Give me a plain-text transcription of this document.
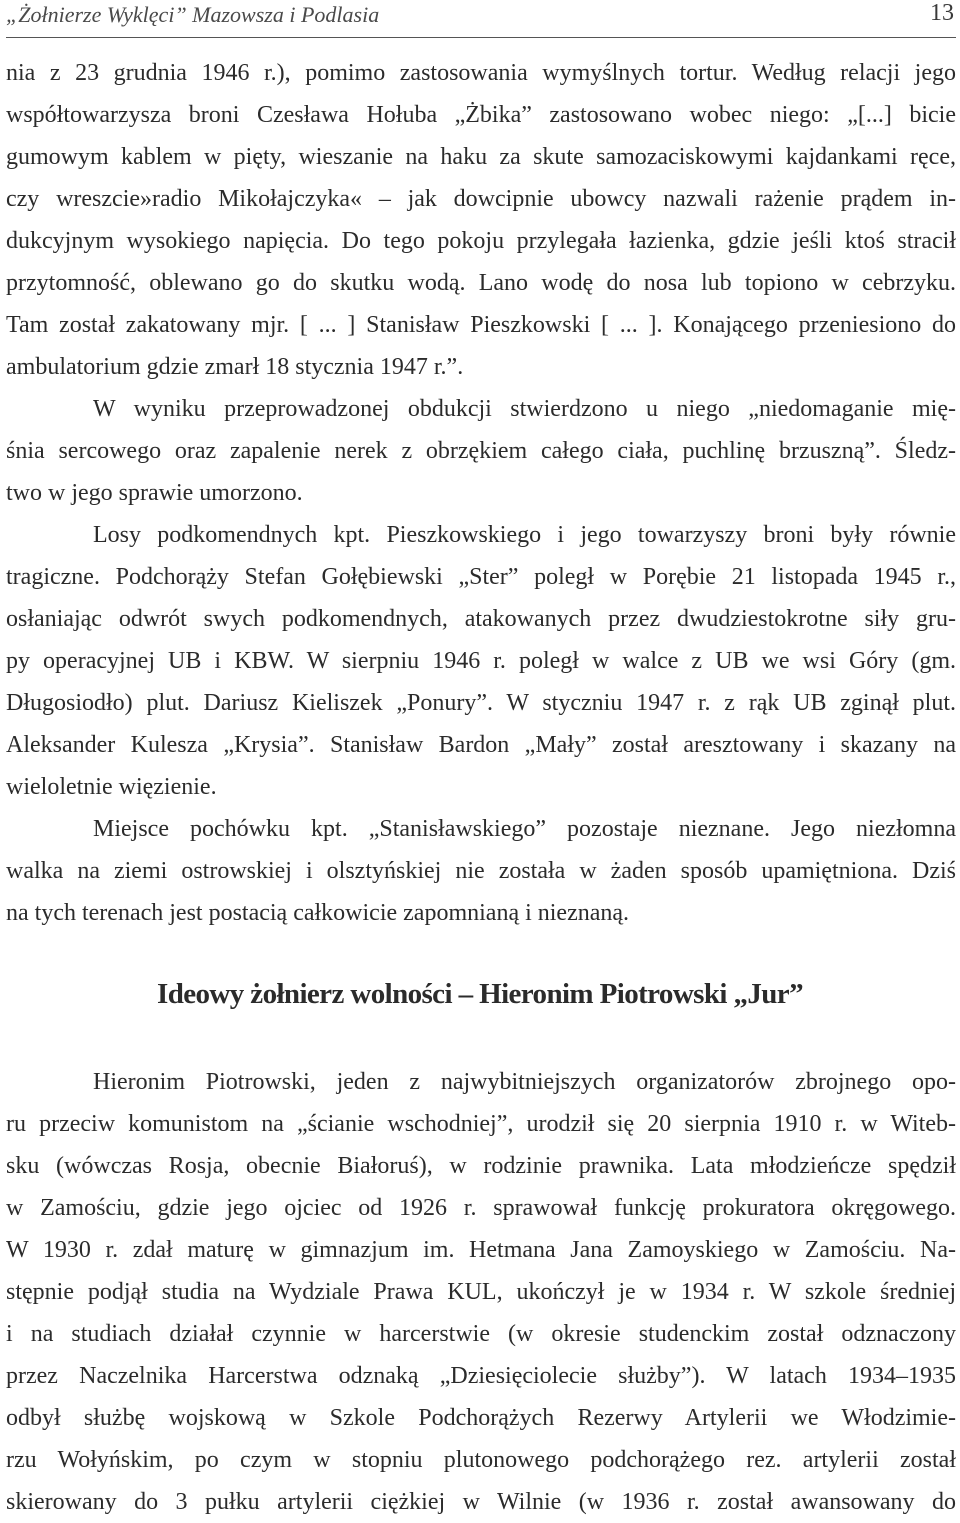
„Żołnierze Wyklęci” Mazowsza i Podlasia	13
nia z 23 grudnia 1946 r.), pomimo zastosowania wymyślnych tortur. Według relacji jego
współtowarzysza broni Czesława Hołuba „Żbika” zastosowano wobec niego: „[...] bicie
gumowym kablem w pięty, wieszanie na haku za skute samozaciskowymi kajdankami ręce,
czy wreszcie»radio Mikołajczyka« – jak dowcipnie ubowcy nazwali rażenie prądem in-
dukcyjnym wysokiego napięcia. Do tego pokoju przylegała łazienka, gdzie jeśli ktoś stracił
przytomność, oblewano go do skutku wodą. Lano wodę do nosa lub topiono w cebrzyku.
Tam został zakatowany mjr. [ ... ] Stanisław Pieszkowski [ ... ]. Konającego przeniesiono do
ambulatorium gdzie zmarł 18 stycznia 1947 r.”.
W wyniku przeprowadzonej obdukcji stwierdzono u niego „niedomaganie mię-
śnia sercowego oraz zapalenie nerek z obrzękiem całego ciała, puchlinę brzuszną”. Śledz-
two w jego sprawie umorzono.
Losy podkomendnych kpt. Pieszkowskiego i jego towarzyszy broni były równie
tragiczne. Podchorąży Stefan Gołębiewski „Ster” poległ w Porębie 21 listopada 1945 r.,
osłaniając odwrót swych podkomendnych, atakowanych przez dwudziestokrotne siły gru-
py operacyjnej UB i KBW. W sierpniu 1946 r. poległ w walce z UB we wsi Góry (gm.
Długosiodło) plut. Dariusz Kieliszek „Ponury”. W styczniu 1947 r. z rąk UB zginął plut.
Aleksander Kulesza „Krysia”. Stanisław Bardon „Mały” został aresztowany i skazany na
wieloletnie więzienie.
Miejsce pochówku kpt. „Stanisławskiego” pozostaje nieznane. Jego niezłomna
walka na ziemi ostrowskiej i olsztyńskiej nie została w żaden sposób upamiętniona. Dziś
na tych terenach jest postacią całkowicie zapomnianą i nieznaną.
Ideowy żołnierz wolności – Hieronim Piotrowski „Jur”
Hieronim Piotrowski, jeden z najwybitniejszych organizatorów zbrojnego opo-
ru przeciw komunistom na „ścianie wschodniej”, urodził się 20 sierpnia 1910 r. w Witeb-
sku (wówczas Rosja, obecnie Białoruś), w rodzinie prawnika. Lata młodzieńcze spędził
w Zamościu, gdzie jego ojciec od 1926 r. sprawował funkcję prokuratora okręgowego.
W 1930 r. zdał maturę w gimnazjum im. Hetmana Jana Zamoyskiego w Zamościu. Na-
stępnie podjął studia na Wydziale Prawa KUL, ukończył je w 1934 r. W szkole średniej
i na studiach działał czynnie w harcerstwie (w okresie studenckim został odznaczony
przez Naczelnika Harcerstwa odznaką „Dziesięciolecie służby”). W latach 1934–1935
odbył służbę wojskową w Szkole Podchorążych Rezerwy Artylerii we Włodzimie-
rzu Wołyńskim, po czym w stopniu plutonowego podchorążego rez. artylerii został
skierowany do 3 pułku artylerii ciężkiej w Wilnie (w 1936 r. został awansowany do
